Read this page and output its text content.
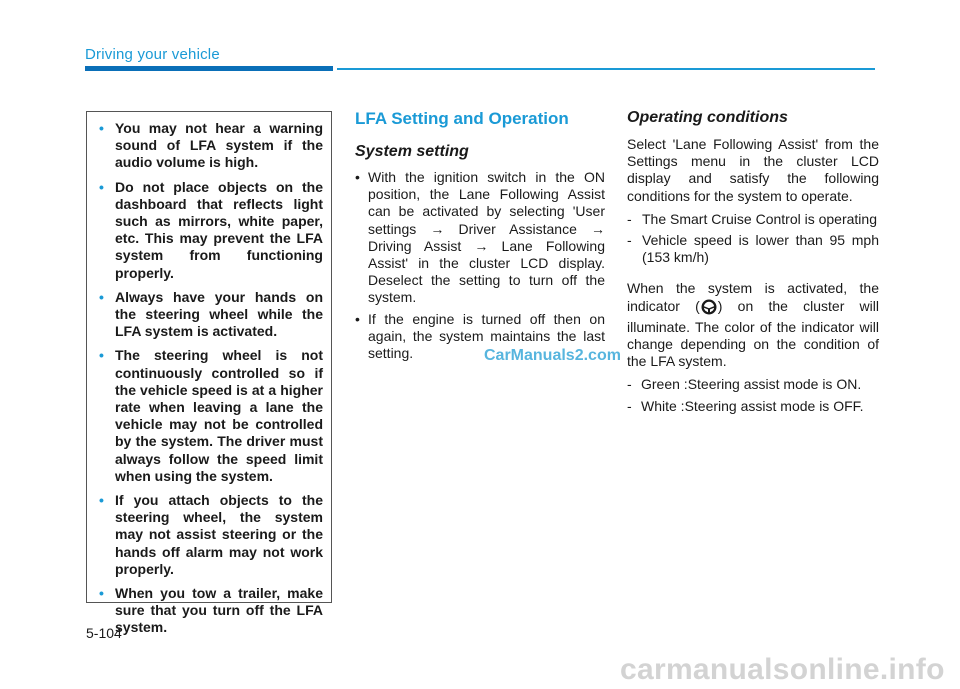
Driving your vehicle
• You may not hear a warning sound of LFA system if the audio volume is high.
• Do not place objects on the dashboard that reflects light such as mirrors, white paper, etc. This may prevent the LFA system from functioning properly.
• Always have your hands on the steering wheel while the LFA system is activated.
• The steering wheel is not continuously controlled so if the vehicle speed is at a higher rate when leaving a lane the vehicle may not be controlled by the system. The driver must always follow the speed limit when using the system.
• If you attach objects to the steering wheel, the system may not assist steering or the hands off alarm may not work properly.
• When you tow a trailer, make sure that you turn off the LFA system.
LFA Setting and Operation
System setting
• With the ignition switch in the ON position, the Lane Following Assist can be activated by selecting 'User settings → Driver Assistance → Driving Assist → Lane Following Assist' in the cluster LCD display. Deselect the setting to turn off the system.
• If the engine is turned off then on again, the system maintains the last setting.
Operating conditions

Select 'Lane Following Assist' from the Settings menu in the cluster LCD display and satisfy the following conditions for the system to operate.

- The Smart Cruise Control is operating
- Vehicle speed is lower than 95 mph (153 km/h)

When the system is activated, the indicator ( ) on the cluster will illuminate. The color of the indicator will change depending on the condition of the LFA system.

- Green : Steering assist mode is ON.
- White : Steering assist mode is OFF.
CarManuals2.com
5-104
carmanualsonline.info
